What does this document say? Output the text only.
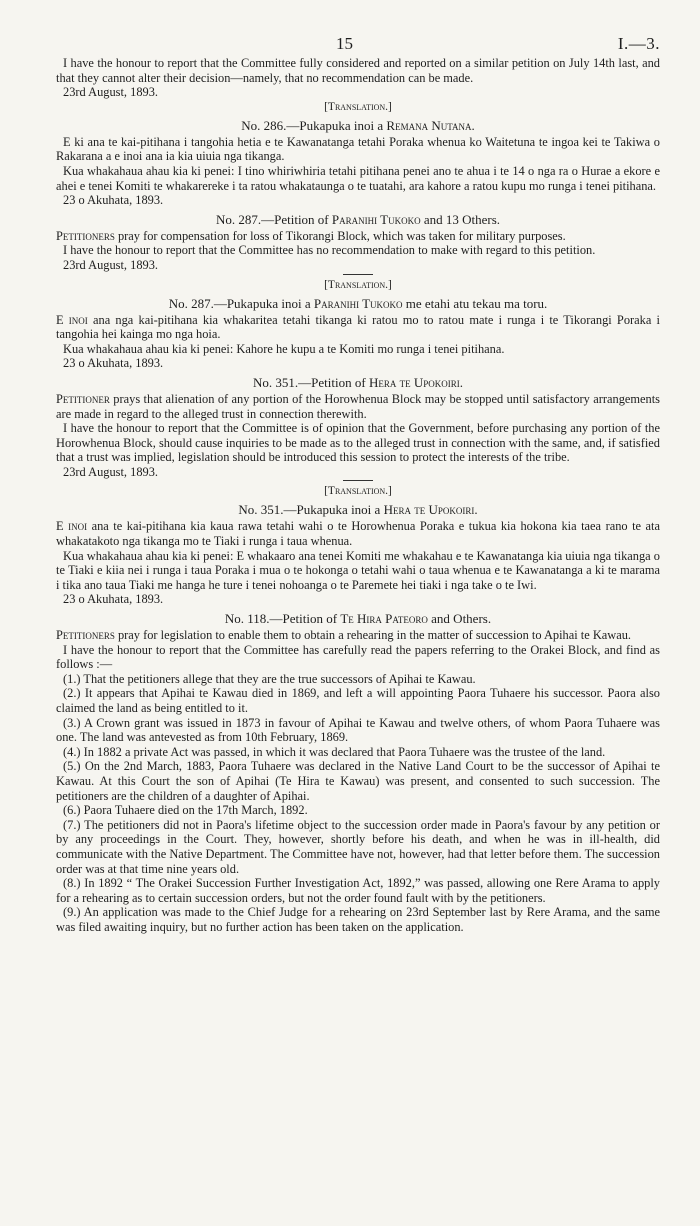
15	I.—3.

I have the honour to report that the Committee fully considered and reported on a similar petition on July 14th last, and that they cannot alter their decision—namely, that no recommendation can be made.

23rd August, 1893.

[Translation.]
No. 286.—Pukapuka inoi a Remana Nutana.

E ki ana te kai-pitihana i tangohia hetia e te Kawanatanga tetahi Poraka whenua ko Waitetuna te ingoa kei te Takiwa o Rakarana a e inoi ana ia kia uiuia nga tikanga.

Kua whakahaua ahau kia ki penei: I tino whiriwhiria tetahi pitihana penei ano te ahua i te 14 o nga ra o Hurae a ekore e ahei e tenei Komiti te whakarereke i ta ratou whakataunga o te tuatahi, ara kahore a ratou kupu mo runga i tenei pitihana.

23 o Akuhata, 1893.

No. 287.—Petition of Paranihi Tukoko and 13 Others.

Petitioners pray for compensation for loss of Tikorangi Block, which was taken for military purposes.

I have the honour to report that the Committee has no recommendation to make with regard to this petition.

23rd August, 1893.

[Translation.]
No. 287.—Pukapuka inoi a Paranihi Tukoko me etahi atu tekau ma toru.

E inoi ana nga kai-pitihana kia whakaritea tetahi tikanga ki ratou mo to ratou mate i runga i te Tikorangi Poraka i tangohia hei kainga mo nga hoia.

Kua whakahaua ahau kia ki penei: Kahore he kupu a te Komiti mo runga i tenei pitihana.

23 o Akuhata, 1893.

No. 351.—Petition of Hera te Upokoiri.

Petitioner prays that alienation of any portion of the Horowhenua Block may be stopped until satisfactory arrangements are made in regard to the alleged trust in connection therewith.

I have the honour to report that the Committee is of opinion that the Government, before purchasing any portion of the Horowhenua Block, should cause inquiries to be made as to the alleged trust in connection with the same, and, if satisfied that a trust was implied, legislation should be introduced this session to protect the interests of the tribe.

23rd August, 1893.

[Translation.]
No. 351.—Pukapuka inoi a Hera te Upokoiri.

E inoi ana te kai-pitihana kia kaua rawa tetahi wahi o te Horowhenua Poraka e tukua kia hokona kia taea rano te ata whakatakoto nga tikanga mo te Tiaki i runga i taua whenua.

Kua whakahaua ahau kia ki penei: E whakaaro ana tenei Komiti me whakahau e te Kawanatanga kia uiuia nga tikanga o te Tiaki e kiia nei i runga i taua Poraka i mua o te hokonga o tetahi wahi o taua whenua e te Kawanatanga a ki te marama i tika ano taua Tiaki me hanga he ture i tenei nohoanga o te Paremete hei tiaki i nga take o te Iwi.

23 o Akuhata, 1893.

No. 118.—Petition of Te Hira Pateoro and Others.

Petitioners pray for legislation to enable them to obtain a rehearing in the matter of succession to Apihai te Kawau.

I have the honour to report that the Committee has carefully read the papers referring to the Orakei Block, and find as follows :—

(1.) That the petitioners allege that they are the true successors of Apihai te Kawau.

(2.) It appears that Apihai te Kawau died in 1869, and left a will appointing Paora Tuhaere his successor. Paora also claimed the land as being entitled to it.

(3.) A Crown grant was issued in 1873 in favour of Apihai te Kawau and twelve others, of whom Paora Tuhaere was one. The land was antevested as from 10th February, 1869.

(4.) In 1882 a private Act was passed, in which it was declared that Paora Tuhaere was the trustee of the land.

(5.) On the 2nd March, 1883, Paora Tuhaere was declared in the Native Land Court to be the successor of Apihai te Kawau. At this Court the son of Apihai (Te Hira te Kawau) was present, and consented to such succession. The petitioners are the children of a daughter of Apihai.

(6.) Paora Tuhaere died on the 17th March, 1892.

(7.) The petitioners did not in Paora's lifetime object to the succession order made in Paora's favour by any petition or by any proceedings in the Court. They, however, shortly before his death, and when he was in ill-health, did communicate with the Native Department. The Committee have not, however, had that letter before them. The succession order was at that time nine years old.

(8.) In 1892 “ The Orakei Succession Further Investigation Act, 1892,” was passed, allowing one Rere Arama to apply for a rehearing as to certain succession orders, but not the order found fault with by the petitioners.

(9.) An application was made to the Chief Judge for a rehearing on 23rd September last by Rere Arama, and the same was filed awaiting inquiry, but no further action has been taken on the application.
